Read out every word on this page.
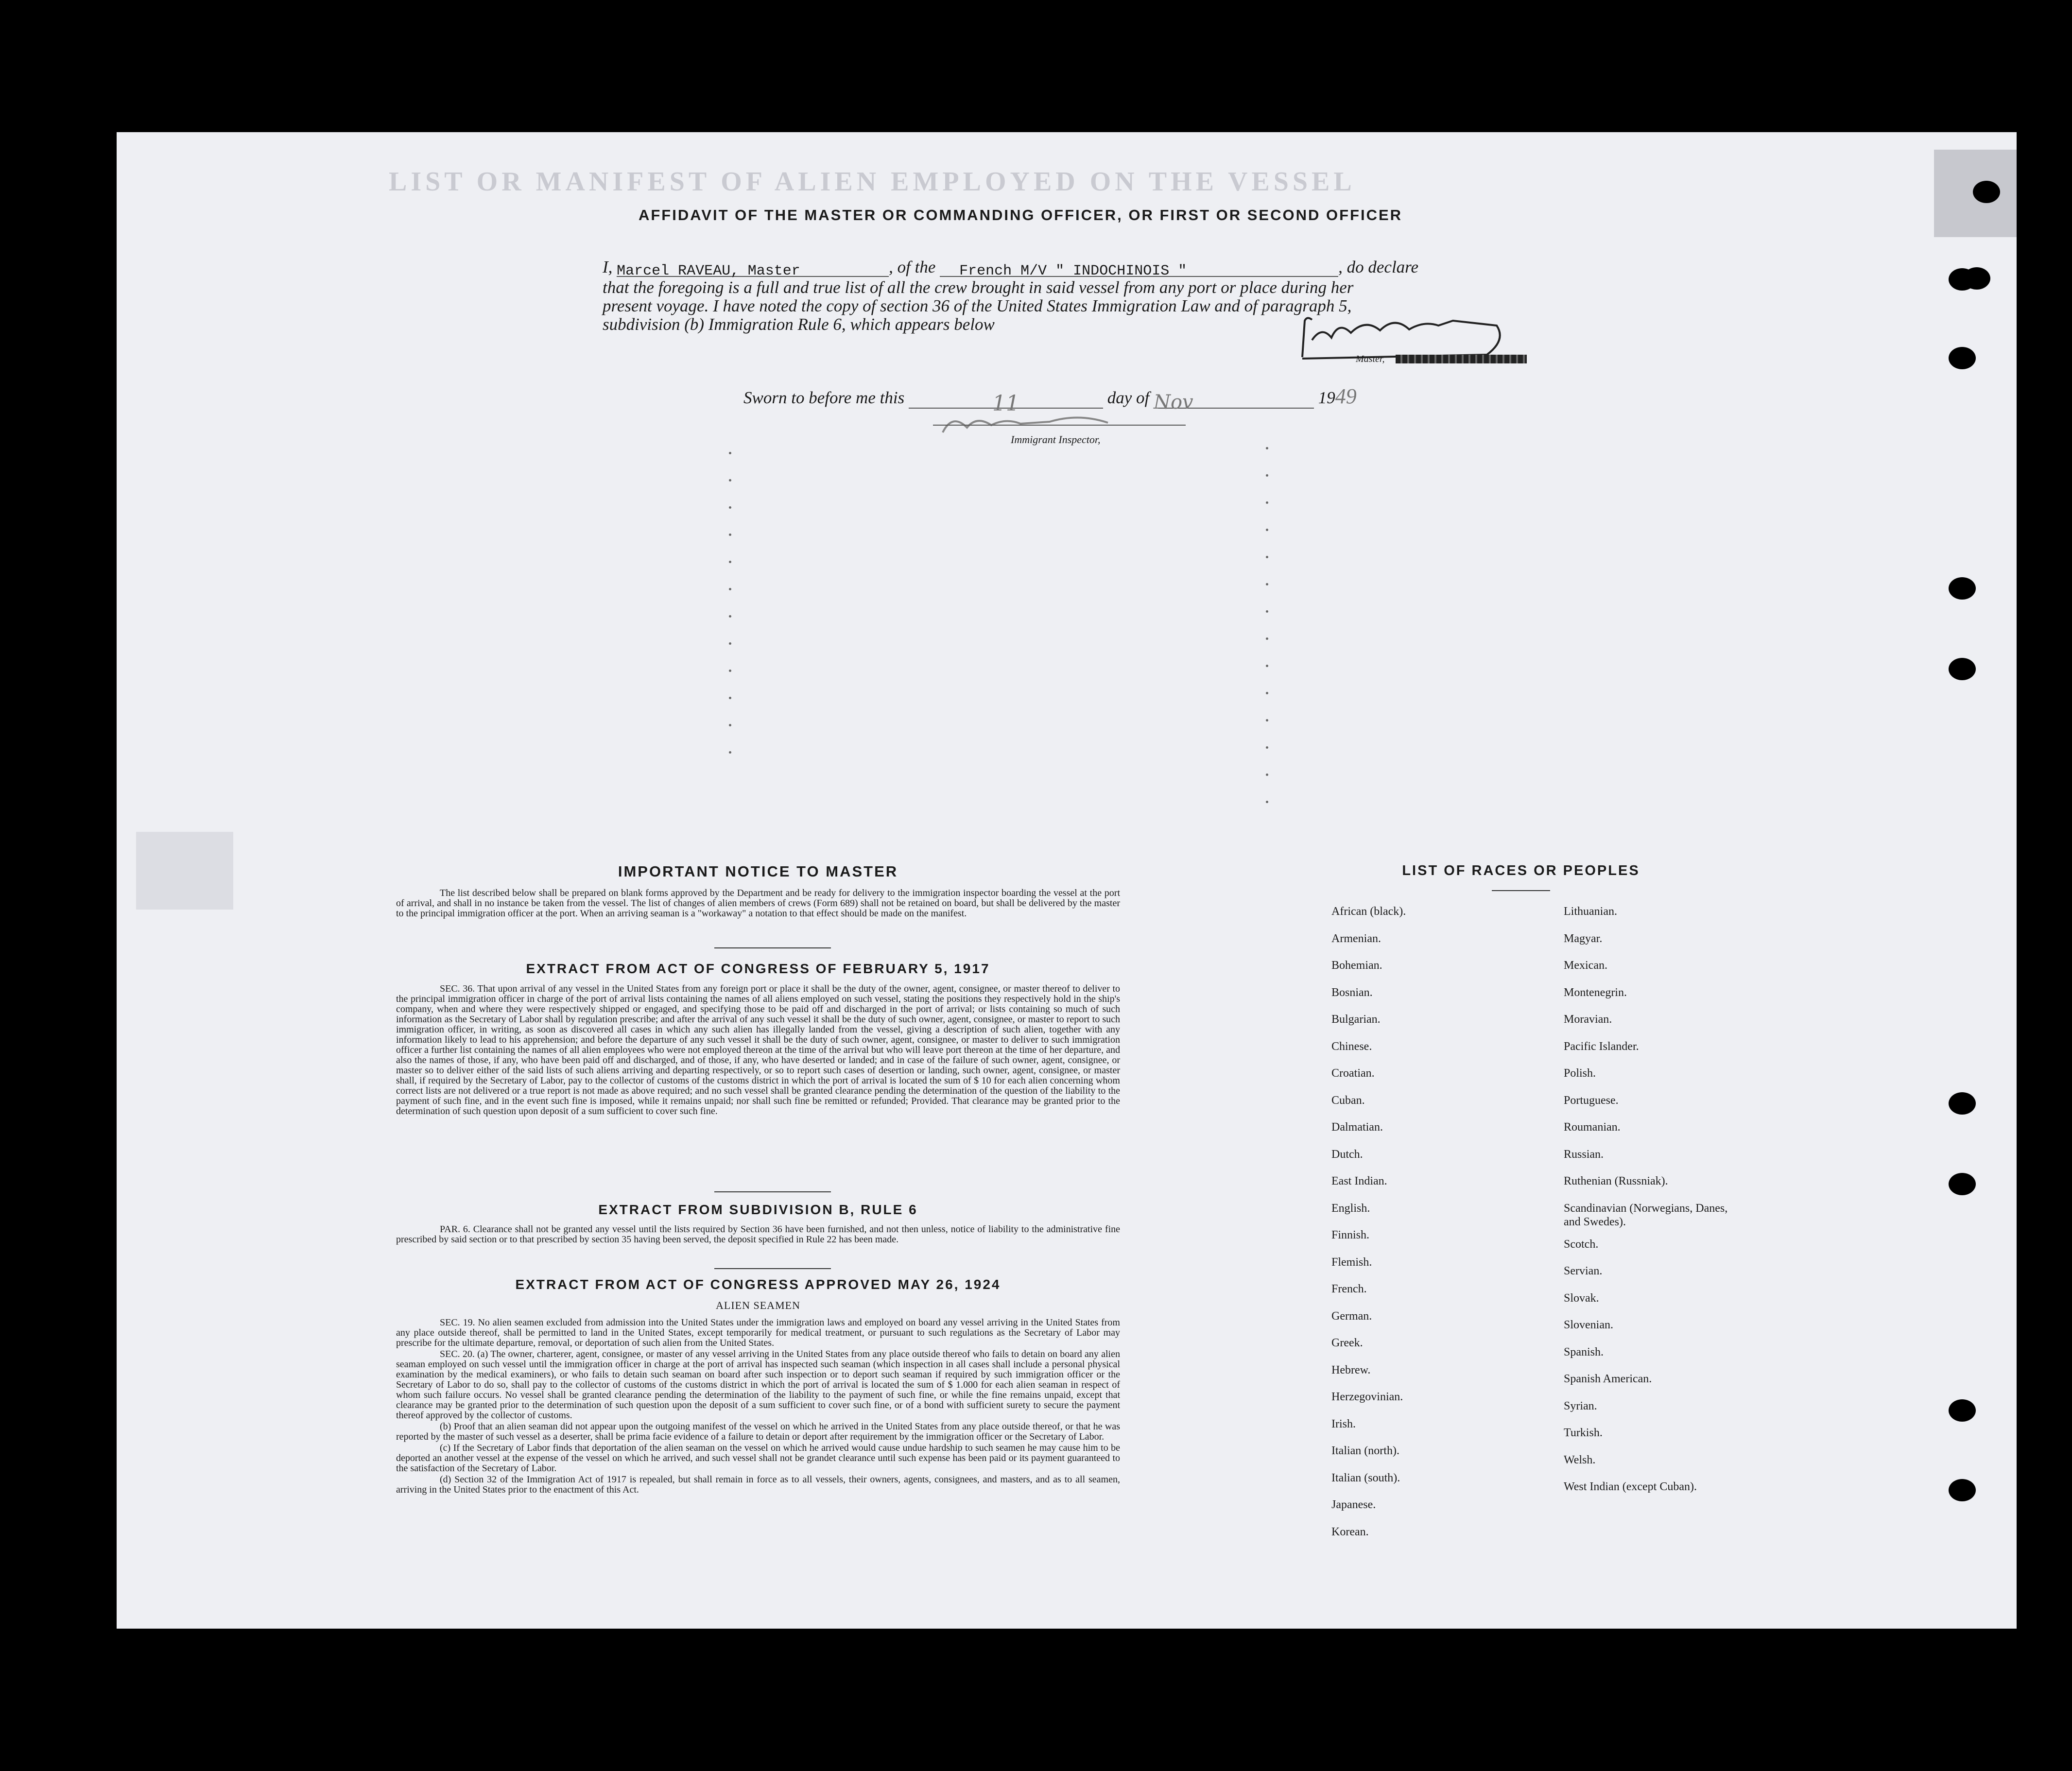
LIST OR MANIFEST OF ALIEN EMPLOYED ON THE VESSEL
AFFIDAVIT OF THE MASTER OR COMMANDING OFFICER, OR FIRST OR SECOND OFFICER
I, Marcel RAVEAU, Master	, of the French M/V " INDOCHINOIS "	, do declare
that the foregoing is a full and true list of all the crew brought in said vessel from any port or place during her
present voyage. I have noted the copy of section 36 of the United States Immigration Law and of paragraph 5,
subdivision (b) Immigration Rule 6, which appears below
Master,
Sworn to before me this	11	day of Nov	1949
Immigrant Inspector,
IMPORTANT NOTICE TO MASTER

The list described below shall be prepared on blank forms approved by the Department and be ready for delivery to the immigration inspector boarding the vessel at the port of arrival, and shall in no instance be taken from the vessel. The list of changes of alien members of crews (Form 689) shall not be retained on board, but shall be delivered by the master to the principal immigration officer at the port. When an arriving seaman is a "workaway" a notation to that effect should be made on the manifest.

EXTRACT FROM ACT OF CONGRESS OF FEBRUARY 5, 1917

SEC. 36. That upon arrival of any vessel in the United States from any foreign port or place it shall be the duty of the owner, agent, consignee, or master thereof to deliver to the principal immigration officer in charge of the port of arrival lists containing the names of all aliens employed on such vessel, stating the positions they respectively hold in the ship's company, when and where they were respectively shipped or engaged, and specifying those to be paid off and discharged in the port of arrival; or lists containing so much of such information as the Secretary of Labor shall by regulation prescribe; and after the arrival of any such vessel it shall be the duty of such owner, agent, consignee, or master to report to such immigration officer, in writing, as soon as discovered all cases in which any such alien has illegally landed from the vessel, giving a description of such alien, together with any information likely to lead to his apprehension; and before the departure of any such vessel it shall be the duty of such owner, agent, consignee, or master to deliver to such immigration officer a further list containing the names of all alien employees who were not employed thereon at the time of the arrival but who will leave port thereon at the time of her departure, and also the names of those, if any, who have been paid off and discharged, and of those, if any, who have deserted or landed; and in case of the failure of such owner, agent, consignee, or master so to deliver either of the said lists of such aliens arriving and departing respectively, or so to report such cases of desertion or landing, such owner, agent, consignee, or master shall, if required by the Secretary of Labor, pay to the collector of customs of the customs district in which the port of arrival is located the sum of $ 10 for each alien concerning whom correct lists are not delivered or a true report is not made as above required; and no such vessel shall be granted clearance pending the determination of the question of the liability to the payment of such fine, and in the event such fine is imposed, while it remains unpaid; nor shall such fine be remitted or refunded; Provided. That clearance may be granted prior to the determination of such question upon deposit of a sum sufficient to cover such fine.

EXTRACT FROM SUBDIVISION B, RULE 6

PAR. 6. Clearance shall not be granted any vessel until the lists required by Section 36 have been furnished, and not then unless, notice of liability to the administrative fine prescribed by said section or to that prescribed by section 35 having been served, the deposit specified in Rule 22 has been made.

EXTRACT FROM ACT OF CONGRESS APPROVED MAY 26, 1924
ALIEN SEAMEN

SEC. 19. No alien seamen excluded from admission into the United States under the immigration laws and employed on board any vessel arriving in the United States from any place outside thereof, shall be permitted to land in the United States, except temporarily for medical treatment, or pursuant to such regulations as the Secretary of Labor may prescribe for the ultimate departure, removal, or deportation of such alien from the United States.

SEC. 20. (a) The owner, charterer, agent, consignee, or master of any vessel arriving in the United States from any place outside thereof who fails to detain on board any alien seaman employed on such vessel until the immigration officer in charge at the port of arrival has inspected such seaman (which inspection in all cases shall include a personal physical examination by the medical examiners), or who fails to detain such seaman on board after such inspection or to deport such seaman if required by such immigration officer or the Secretary of Labor to do so, shall pay to the collector of customs of the customs district in which the port of arrival is located the sum of $ 1.000 for each alien seaman in respect of whom such failure occurs. No vessel shall be granted clearance pending the determination of the liability to the payment of such fine, or while the fine remains unpaid, except that clearance may be granted prior to the determination of such question upon the deposit of a sum sufficient to cover such fine, or of a bond with sufficient surety to secure the payment thereof approved by the collector of customs.

(b) Proof that an alien seaman did not appear upon the outgoing manifest of the vessel on which he arrived in the United States from any place outside thereof, or that he was reported by the master of such vessel as a deserter, shall be prima facie evidence of a failure to detain or deport after requirement by the immigration officer or the Secretary of Labor.

(c) If the Secretary of Labor finds that deportation of the alien seaman on the vessel on which he arrived would cause undue hardship to such seamen he may cause him to be deported an another vessel at the expense of the vessel on which he arrived, and such vessel shall not be grandet clearance until such expense has been paid or its payment guaranteed to the satisfaction of the Secretary of Labor.

(d) Section 32 of the Immigration Act of 1917 is repealed, but shall remain in force as to all vessels, their owners, agents, consignees, and masters, and as to all seamen, arriving in the United States prior to the enactment of this Act.

LIST OF RACES OR PEOPLES
African (black).
Armenian.
Bohemian.
Bosnian.
Bulgarian.
Chinese.
Croatian.
Cuban.
Dalmatian.
Dutch.
East Indian.
English.
Finnish.
Flemish.
French.
German.
Greek.
Hebrew.
Herzegovinian.
Irish.
Italian (north).
Italian (south).
Japanese.
Korean.
Lithuanian.
Magyar.
Mexican.
Montenegrin.
Moravian.
Pacific Islander.
Polish.
Portuguese.
Roumanian.
Russian.
Ruthenian (Russniak).
Scandinavian (Norwegians, Danes, and Swedes).
Scotch.
Servian.
Slovak.
Slovenian.
Spanish.
Spanish American.
Syrian.
Turkish.
Welsh.
West Indian (except Cuban).
